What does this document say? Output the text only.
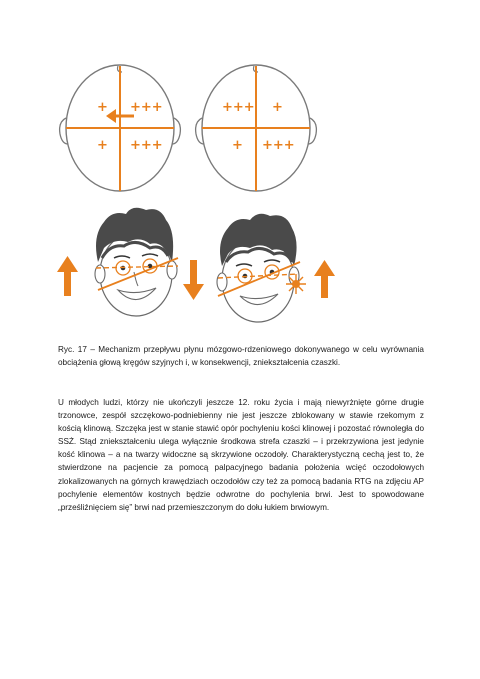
+ +++
+ +++
+++ +
+ +++

Ryc. 17 – Mechanizm przepływu płynu mózgowo-rdzeniowego dokonywanego w celu wyrównania obciążenia głową kręgów szyjnych i, w konsekwencji, zniekształcenia czaszki.

U młodych ludzi, którzy nie ukończyli jeszcze 12. roku życia i mają niewyrżnięte górne drugie trzonowce, zespół szczękowo-podniebienny nie jest jeszcze zblokowany w stawie rzekomym z kością klinową. Szczęka jest w stanie stawić opór pochyleniu kości klinowej i pozostać równoległa do SSŻ. Stąd zniekształceniu ulega wyłącznie środkowa strefa czaszki – i przekrzywiona jest jedynie kość klinowa – a na twarzy widoczne są skrzywione oczodoły. Charakterystyczną cechą jest to, że stwierdzone na pacjencie za pomocą palpacyjnego badania położenia wcięć oczodołowych zlokalizowanych na górnych krawędziach oczodołów czy też za pomocą badania RTG na zdjęciu AP pochylenie elementów kostnych będzie odwrotne do pochylenia brwi. Jest to spowodowane „prześliźnięciem się” brwi nad przemieszczonym do dołu łukiem brwiowym.
